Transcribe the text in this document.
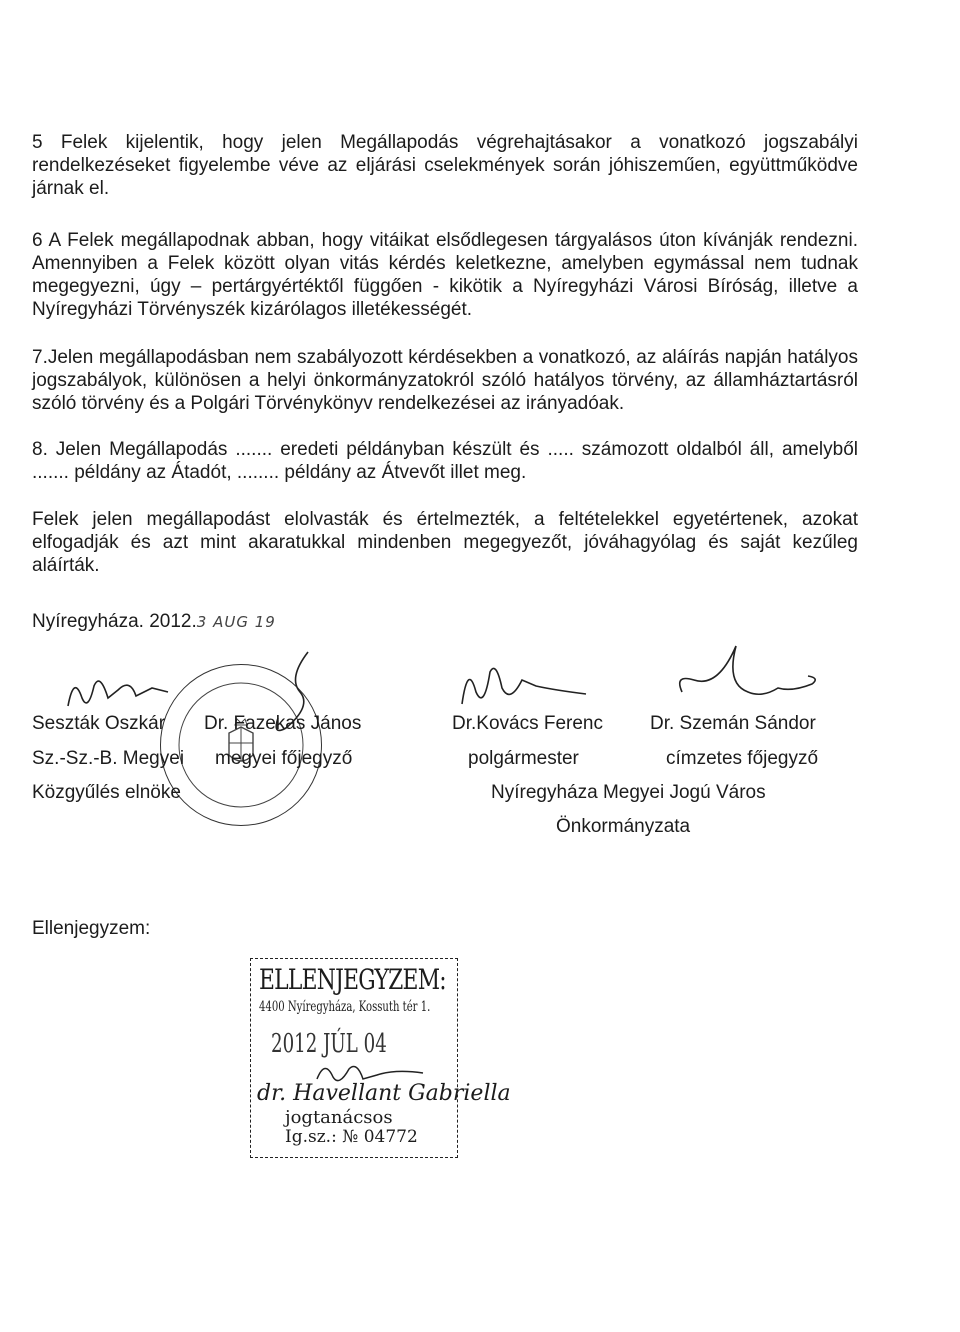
5 Felek kijelentik, hogy jelen Megállapodás végrehajtásakor a vonatkozó jogszabályi rendelkezéseket figyelembe véve az eljárási cselekmények során jóhiszeműen, együttműködve járnak el.

6 A Felek megállapodnak abban, hogy vitáikat elsődlegesen tárgyalásos úton kívánják rendezni. Amennyiben a Felek között olyan vitás kérdés keletkezne, amelyben egymással nem tudnak megegyezni, úgy – pertárgyértéktől függően - kikötik a Nyíregyházi Városi Bíróság, illetve a Nyíregyházi Törvényszék kizárólagos illetékességét.

7.Jelen megállapodásban nem szabályozott kérdésekben a vonatkozó, az aláírás napján hatályos jogszabályok, különösen a helyi önkormányzatokról szóló hatályos törvény, az államháztartásról szóló törvény és a Polgári Törvénykönyv rendelkezései az irányadóak.

8. Jelen Megállapodás ....... eredeti példányban készült és ..... számozott oldalból áll, amelyből ....... példány az Átadót, ........ példány az Átvevőt illet meg.

Felek jelen megállapodást elolvasták és értelmezték, a feltételekkel egyetértenek, azokat elfogadják és azt mint akaratukkal mindenben megegyezőt, jóváhagyólag és saját kezűleg aláírták.

Nyíregyháza. 2012.3 AUG 19
Seszták Oszkár Dr. Fazekas János	Dr.Kovács Ferenc Dr. Szemán Sándor
Sz.-Sz.-B. Megyei megyei főjegyző	polgármester	címzetes főjegyző
Közgyűlés elnöke	Nyíregyháza Megyei Jogú Város
Önkormányzata
Ellenjegyzem:
ELLENJEGYZEM:
4400 Nyíregyháza, Kossuth tér 1.
2012 JÚL 04
dr. Havellant Gabriella
jogtanácsos
Ig.sz.: № 04772
